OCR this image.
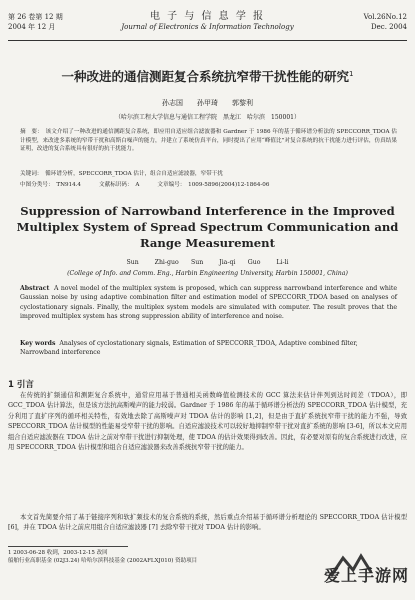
第 26 卷第 12 期
2004 年 12 月
电 子 与 信 息 学 报
Journal of Electronics & Information Technology
Vol.26No.12
Dec. 2004
一种改进的通信测距复合系统抗窄带干扰性能的研究$^1$
孙志国　　孙甲琦　　郭黎利
（哈尔滨工程大学信息与通信工程学院　黑龙江　哈尔滨　150001）
摘　要：　该文介绍了一种改进的通信测距复合系统，即应用自适应组合滤波器和 Gardner 于 1986 年的基于循环谱分析法的 SPECCORR_TDOA 估计模型，来改进多系统的窄带干扰和高斯白噪声的能力，并建立了系统仿真平台，同时提出了应用“峰值比”对复合系统的抗干扰能力进行评估，仿真结果证明，改进的复合系统具有很好的抗干扰能力。
关键词：　循环谱分析，SPECCORR_TDOA 估计，组合自适应滤波器，窄带干扰
中图分类号：　TN914.4	文献标识码：　A	文章编号：　1009-5896(2004)12-1864-06
Suppression of Narrowband Interference in the Improved Multiplex System of Spread Spectrum Communication and Range Measurement
Sun Zhi-guo　　Sun Jia-qi　　Guo Li-li
(College of Info. and Comm. Eng., Harbin Engineering University, Harbin 150001, China)
Abstract A novel model of the multiplex system is proposed, which can suppress narrowband interference and white Gaussian noise by using adaptive combination filter and estimation model of SPECCORR_TDOA based on analyses of cyclostationary signals. Finally, the multiplex system models are simulated with computer. The result proves that the improved multiplex system has strong suppression ability of interference and noise.
Key words Analyses of cyclostationary signals, Estimation of SPECCORR_TDOA, Adaptive combined filter, Narrowband interference
1 引言
在传统的扩频通信和测距复合系统中，通常应用基于普通相关函数峰值检测技术的 GCC 算法来估计伴列到达时间差（TDOA），即 GCC_TDOA 估计算法，但是该方法抗高斯噪声的能力较弱。Gardner 于 1986 年的基于循环谱分析法的 SPECCORR_TDOA 估计模型，充分利用了直扩序列的循环相关特性，有效地去除了高斯噪声对 TDOA 估计的影响 [1,2]，但是由于直扩系统抗窄带干扰的能力不强，导致 SPECCORR_TDOA 估计模型的性能易受窄带干扰的影响。自适应滤波技术可以较好地抑制窄带干扰对直扩系统的影响 [3-6]，所以本文应用组合自适应滤波器在 TDOA 估计之前对窄带干扰进行抑制处理，使 TDOA 的估计效果得到改善。因此，有必要对原有的复合系统进行改进，应用 SPECCORR_TDOA 估计模型和组合自适应滤波器来改善系统抗窄带干扰的能力。
本文首先简要介绍了基于链接序列和软扩频技术的复合系统的系统，然后重点介绍基于循环谱分析理论的 SPECCORR_TDOA 估计模型 [6]，并在 TDOA 估计之前应用组合自适应滤波器 [7] 去除窄带干扰对 TDOA 估计的影响。
1 2003-06-28 收到，2003-12-15 改回
船舶行业高职基金 (02J3.24) 哈哈尔滨科技基金 (2002AFLXJ010) 资助项目
爱上手游网
